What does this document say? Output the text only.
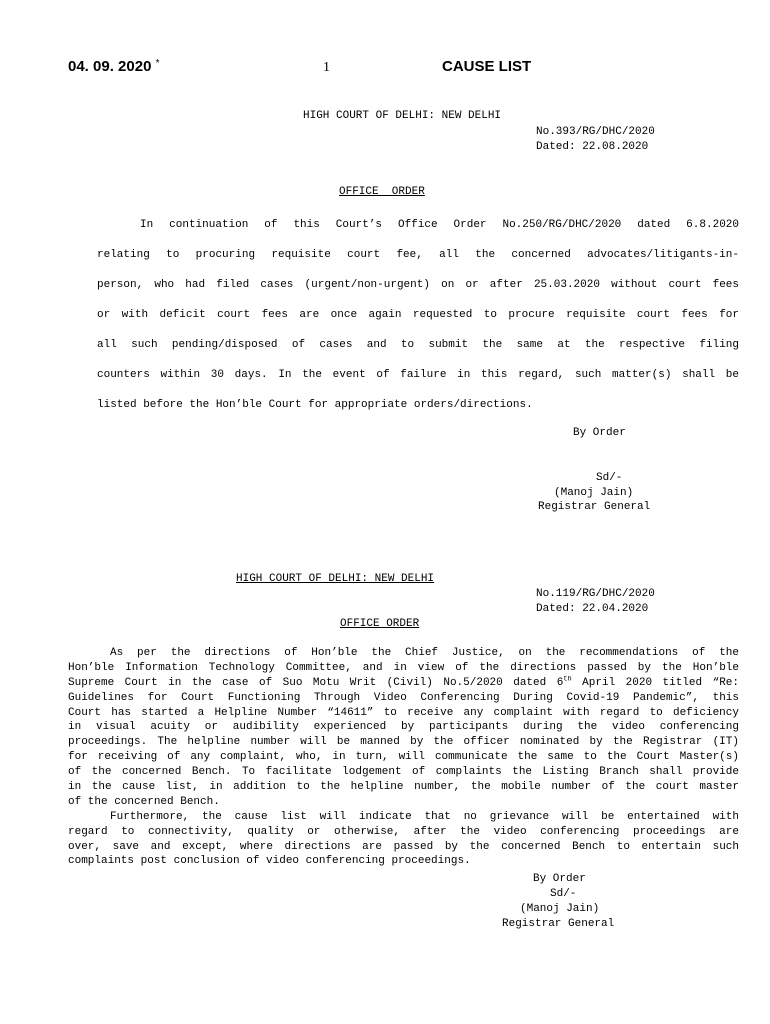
04. 09. 2020 *	1	CAUSE LIST
HIGH COURT OF DELHI: NEW DELHI
No.393/RG/DHC/2020
Dated: 22.08.2020
OFFICE  ORDER
In continuation of this Court’s Office Order No.250/RG/DHC/2020 dated 6.8.2020
relating to procuring requisite court fee, all the concerned advocates/litigants-in-
person, who had filed cases (urgent/non-urgent) on or after 25.03.2020 without court fees
or with deficit court fees are once again requested to procure requisite court fees for
all such pending/disposed of cases and to submit the same at the respective filing
counters within 30 days. In the event of failure in this regard, such matter(s) shall be
listed before the Hon’ble Court for appropriate orders/directions.
By Order
Sd/-
(Manoj Jain)
Registrar General
HIGH COURT OF DELHI: NEW DELHI
No.119/RG/DHC/2020
Dated: 22.04.2020
OFFICE ORDER
As per the directions of Hon’ble the Chief Justice, on the recommendations of the
Hon’ble Information Technology Committee, and in view of the directions passed by the Hon’ble
Supreme Court in the case of Suo Motu Writ (Civil) No.5/2020 dated 6th April 2020 titled “Re:
Guidelines for Court Functioning Through Video Conferencing During Covid-19 Pandemic”, this
Court has started a Helpline Number “14611” to receive any complaint with regard to deficiency
in visual acuity or audibility experienced by participants during the video conferencing
proceedings. The helpline number will be manned by the officer nominated by the Registrar (IT)
for receiving of any complaint, who, in turn, will communicate the same to the Court Master(s)
of the concerned Bench. To facilitate lodgement of complaints the Listing Branch shall provide
in the cause list, in addition to the helpline number, the mobile number of the court master
of the concerned Bench.
Furthermore, the cause list will indicate that no grievance will be entertained with
regard to connectivity, quality or otherwise, after the video conferencing proceedings are
over, save and except, where directions are passed by the concerned Bench to entertain such
complaints post conclusion of video conferencing proceedings.
By Order
Sd/-
(Manoj Jain)
Registrar General
